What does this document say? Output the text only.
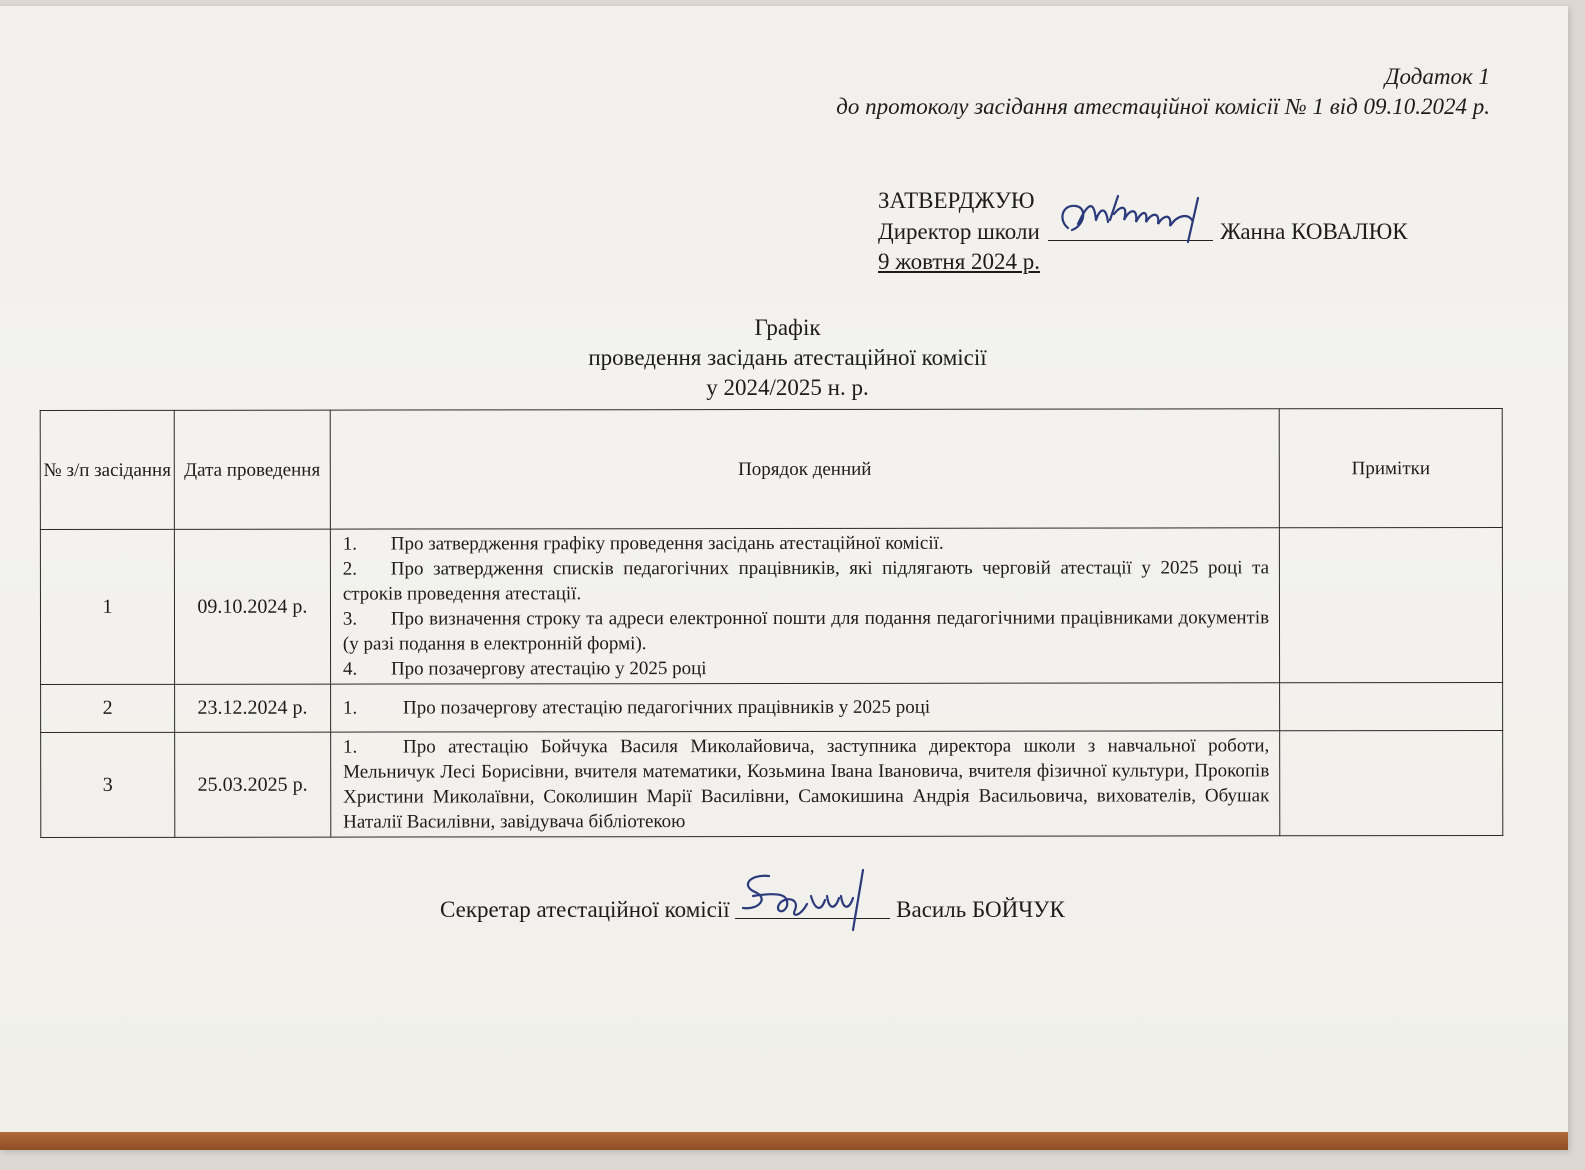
Додаток 1
до протоколу засідання атестаційної комісії № 1 від 09.10.2024 р.
ЗАТВЕРДЖУЮ
Директор школи	Жанна КОВАЛЮК
9 жовтня 2024 р.
Графік
проведення засідань атестаційної комісії
у 2024/2025 н. р.
№ з/п засідання	Дата проведення	Порядок денний	Примітки
1	09.10.2024 р.	1. Про затвердження графіку проведення засідань атестаційної комісії.
2. Про затвердження списків педагогічних працівників, які підлягають черговій атестації у 2025 році та строків проведення атестації.
3. Про визначення строку та адреси електронної пошти для подання педагогічними працівниками документів (у разі подання в електронній формі).
4. Про позачергову атестацію у 2025 році	

2	23.12.2024 р.	1. Про позачергову атестацію педагогічних працівників у 2025 році	

3	25.03.2025 р.	1. Про атестацію Бойчука Василя Миколайовича, заступника директора школи з навчальної роботи, Мельничук Лесі Борисівни, вчителя математики, Козьмина Івана Івановича, вчителя фізичної культури, Прокопів Христини Миколаївни, Соколишин Марії Василівни, Самокишина Андрія Васильовича, вихователів, Обушак Наталії Василівни, завідувача бібліотекою	

Секретар атестаційної комісії	Василь БОЙЧУК
